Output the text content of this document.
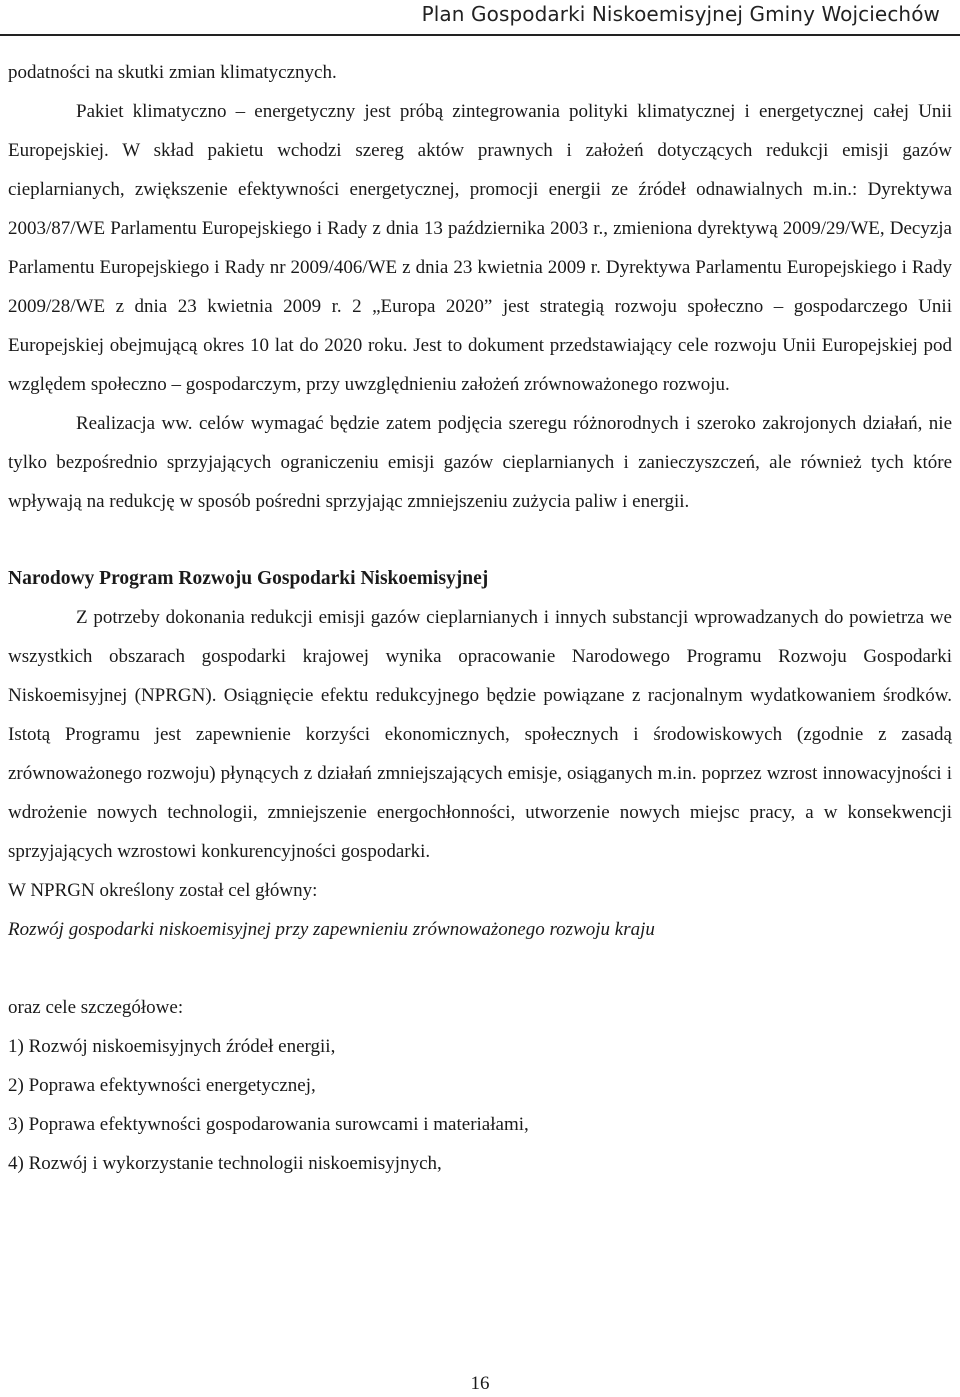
Plan Gospodarki Niskoemisyjnej Gminy Wojciechów

podatności na skutki zmian klimatycznych.

Pakiet klimatyczno – energetyczny jest próbą zintegrowania polityki klimatycznej i energetycznej całej Unii Europejskiej. W skład pakietu wchodzi szereg aktów prawnych i założeń dotyczących redukcji emisji gazów cieplarnianych, zwiększenie efektywności energetycznej, promocji energii ze źródeł odnawialnych m.in.: Dyrektywa 2003/87/WE Parlamentu Europejskiego i Rady z dnia 13 października 2003 r., zmieniona dyrektywą 2009/29/WE, Decyzja Parlamentu Europejskiego i Rady nr 2009/406/WE z dnia 23 kwietnia 2009 r. Dyrektywa Parlamentu Europejskiego i Rady 2009/28/WE z dnia 23 kwietnia 2009 r. 2 „Europa 2020” jest strategią rozwoju społeczno – gospodarczego Unii Europejskiej obejmującą okres 10 lat do 2020 roku. Jest to dokument przedstawiający cele rozwoju Unii Europejskiej pod względem społeczno – gospodarczym, przy uwzględnieniu założeń zrównoważonego rozwoju.

Realizacja ww. celów wymagać będzie zatem podjęcia szeregu różnorodnych i szeroko zakrojonych działań, nie tylko bezpośrednio sprzyjających ograniczeniu emisji gazów cieplarnianych i zanieczyszczeń, ale również tych które wpływają na redukcję w sposób pośredni sprzyjając zmniejszeniu zużycia paliw i energii.

Narodowy Program Rozwoju Gospodarki Niskoemisyjnej

Z potrzeby dokonania redukcji emisji gazów cieplarnianych i innych substancji wprowadzanych do powietrza we wszystkich obszarach gospodarki krajowej wynika opracowanie Narodowego Programu Rozwoju Gospodarki Niskoemisyjnej (NPRGN). Osiągnięcie efektu redukcyjnego będzie powiązane z racjonalnym wydatkowaniem środków. Istotą Programu jest zapewnienie korzyści ekonomicznych, społecznych i środowiskowych (zgodnie z zasadą zrównoważonego rozwoju) płynących z działań zmniejszających emisje, osiąganych m.in. poprzez wzrost innowacyjności i wdrożenie nowych technologii, zmniejszenie energochłonności, utworzenie nowych miejsc pracy, a w konsekwencji sprzyjających wzrostowi konkurencyjności gospodarki.

W NPRGN określony został cel główny:

Rozwój gospodarki niskoemisyjnej przy zapewnieniu zrównoważonego rozwoju kraju

oraz cele szczegółowe:

1) Rozwój niskoemisyjnych źródeł energii,

2) Poprawa efektywności energetycznej,

3) Poprawa efektywności gospodarowania surowcami i materiałami,

4) Rozwój i wykorzystanie technologii niskoemisyjnych,

16
